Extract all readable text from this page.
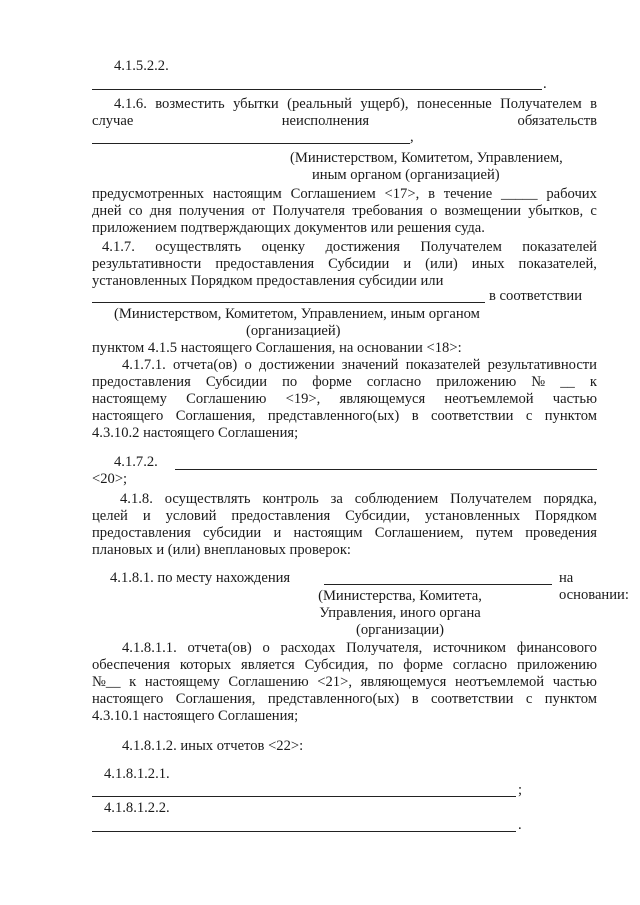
4.1.5.2.2.
.
4.1.6. возместить убытки (реальный ущерб), понесенные Получателем в
случае	неисполнения	обязательств
,
(Министерством, Комитетом, Управлением,
иным органом (организацией)
предусмотренных настоящим Соглашением <17>, в течение _____ рабочих
дней со дня получения от Получателя требования о возмещении убытков, с
приложением подтверждающих документов или решения суда.
4.1.7. осуществлять оценку достижения Получателем показателей
результативности предоставления Субсидии и (или) иных показателей,
установленных Порядком предоставления субсидии или
в соответствии
(Министерством, Комитетом, Управлением, иным органом
(организацией)
пунктом 4.1.5 настоящего Соглашения, на основании <18>:
4.1.7.1. отчета(ов) о достижении значений показателей результативности
предоставления Субсидии по форме согласно приложению № __ к
настоящему Соглашению <19>, являющемуся неотъемлемой частью
настоящего Соглашения, представленного(ых) в соответствии с пунктом
4.3.10.2 настоящего Соглашения;
4.1.7.2.
<20>;
4.1.8. осуществлять контроль за соблюдением Получателем порядка,
целей и условий предоставления Субсидии, установленных Порядком
предоставления субсидии и настоящим Соглашением, путем проведения
плановых и (или) внеплановых проверок:
4.1.8.1. по месту нахождения	на основании:
(Министерства, Комитета,
Управления, иного органа
(организации)
4.1.8.1.1. отчета(ов) о расходах Получателя, источником финансового
обеспечения которых является Субсидия, по форме согласно приложению
№__ к настоящему Соглашению <21>, являющемуся неотъемлемой частью
настоящего Соглашения, представленного(ых) в соответствии с пунктом
4.3.10.1 настоящего Соглашения;
4.1.8.1.2. иных отчетов <22>:
4.1.8.1.2.1.
;
4.1.8.1.2.2.
.
